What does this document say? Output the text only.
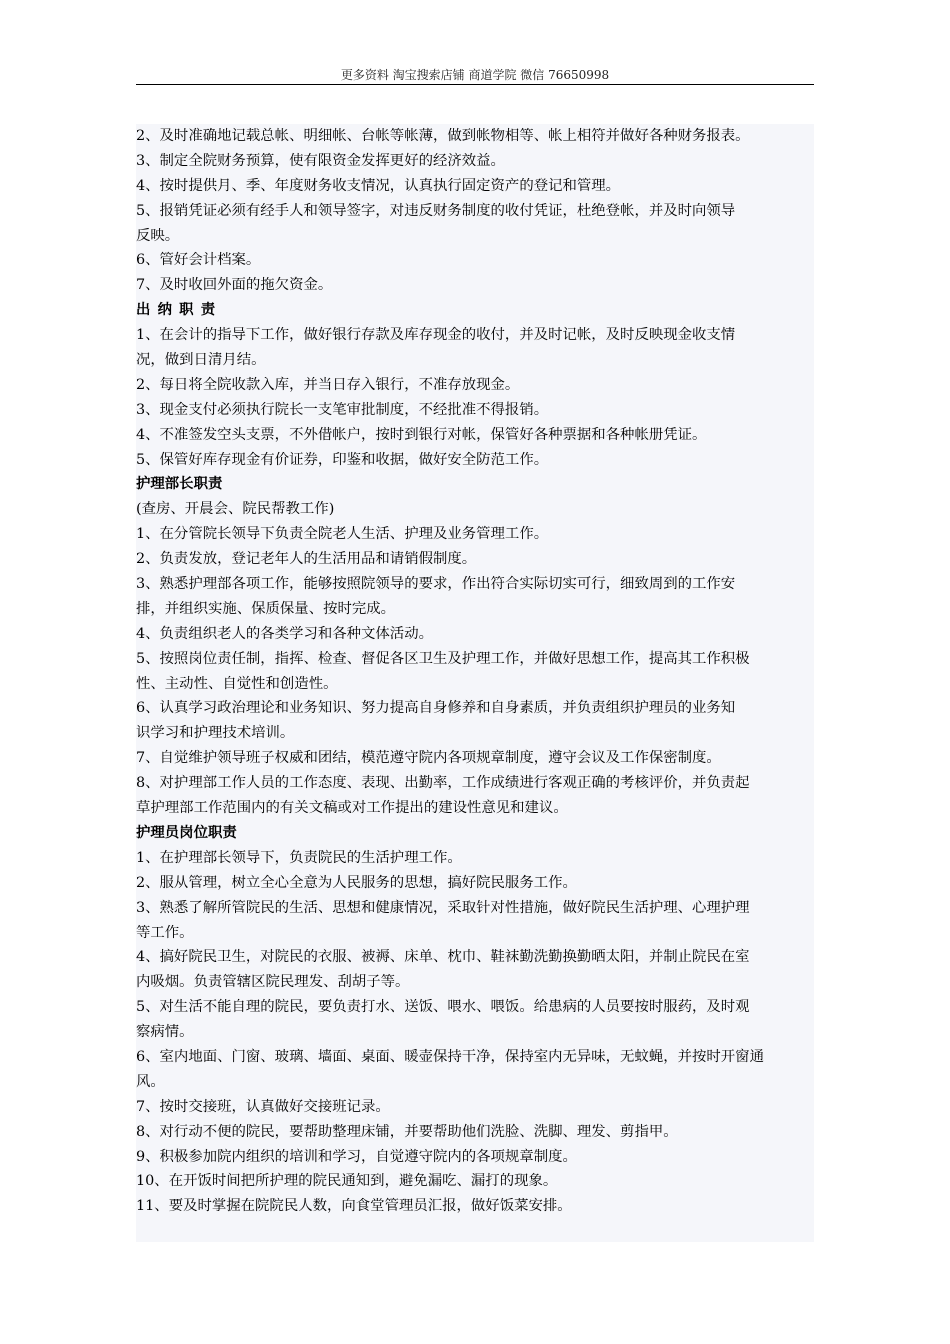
更多资料 淘宝搜索店铺 商道学院 微信 76650998
2、及时准确地记载总帐、明细帐、台帐等帐薄，做到帐物相等、帐上相符并做好各种财务报表。
3、制定全院财务预算，使有限资金发挥更好的经济效益。
4、按时提供月、季、年度财务收支情况，认真执行固定资产的登记和管理。
5、报销凭证必须有经手人和领导签字，对违反财务制度的收付凭证，杜绝登帐，并及时向领导
反映。
6、管好会计档案。
7、及时收回外面的拖欠资金。
出纳职责
1、在会计的指导下工作，做好银行存款及库存现金的收付，并及时记帐，及时反映现金收支情
况，做到日清月结。
2、每日将全院收款入库，并当日存入银行，不准存放现金。
3、现金支付必须执行院长一支笔审批制度，不经批准不得报销。
4、不准签发空头支票，不外借帐户，按时到银行对帐，保管好各种票据和各种帐册凭证。
5、保管好库存现金有价证券，印鉴和收据，做好安全防范工作。
护理部长职责
(查房、开晨会、院民帮教工作)
1、在分管院长领导下负责全院老人生活、护理及业务管理工作。
2、负责发放，登记老年人的生活用品和请销假制度。
3、熟悉护理部各项工作，能够按照院领导的要求，作出符合实际切实可行，细致周到的工作安
排，并组织实施、保质保量、按时完成。
4、负责组织老人的各类学习和各种文体活动。
5、按照岗位责任制，指挥、检查、督促各区卫生及护理工作，并做好思想工作，提高其工作积极
性、主动性、自觉性和创造性。
6、认真学习政治理论和业务知识、努力提高自身修养和自身素质，并负责组织护理员的业务知
识学习和护理技术培训。
7、自觉维护领导班子权威和团结，模范遵守院内各项规章制度，遵守会议及工作保密制度。
8、对护理部工作人员的工作态度、表现、出勤率，工作成绩进行客观正确的考核评价，并负责起
草护理部工作范围内的有关文稿或对工作提出的建设性意见和建议。
护理员岗位职责
1、在护理部长领导下，负责院民的生活护理工作。
2、服从管理，树立全心全意为人民服务的思想，搞好院民服务工作。
3、熟悉了解所管院民的生活、思想和健康情况，采取针对性措施，做好院民生活护理、心理护理
等工作。
4、搞好院民卫生，对院民的衣服、被褥、床单、枕巾、鞋袜勤洗勤换勤晒太阳，并制止院民在室
内吸烟。负责管辖区院民理发、刮胡子等。
5、对生活不能自理的院民，要负责打水、送饭、喂水、喂饭。给患病的人员要按时服药，及时观
察病情。
6、室内地面、门窗、玻璃、墙面、桌面、暖壶保持干净，保持室内无异味，无蚊蝇，并按时开窗通
风。
7、按时交接班，认真做好交接班记录。
8、对行动不便的院民，要帮助整理床铺，并要帮助他们洗脸、洗脚、理发、剪指甲。
9、积极参加院内组织的培训和学习，自觉遵守院内的各项规章制度。
10、在开饭时间把所护理的院民通知到，避免漏吃、漏打的现象。
11、要及时掌握在院院民人数，向食堂管理员汇报，做好饭菜安排。
